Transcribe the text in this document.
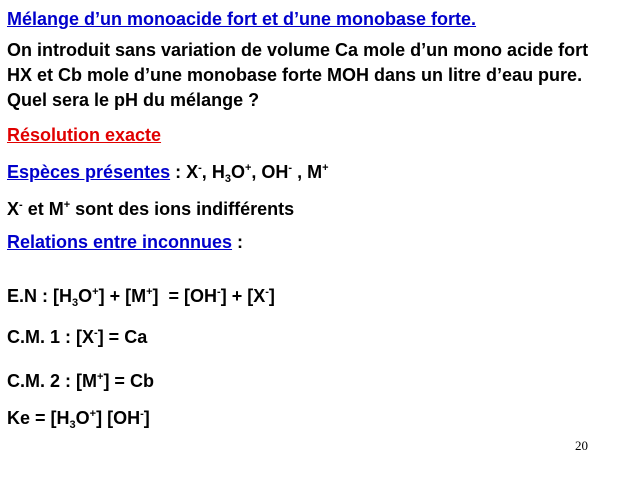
Mélange d’un monoacide fort et d’une monobase forte.
On introduit sans variation de volume Ca mole d’un mono acide fort HX et Cb mole d’une monobase forte MOH dans un litre d’eau pure. Quel sera le pH du mélange ?
Résolution exacte
Espèces présentes : X-, $H_3O^+$, OH- , M+
X- et M+ sont des ions indifférents
Relations entre inconnues :
E.N : $[H_3O^+] + [M^+] = [OH^-] + [X^-]$
C.M. 1 : [X-] = Ca
C.M. 2 : [M+] = Cb
$Ke = [H_3O^+]$ [OH-]
20
